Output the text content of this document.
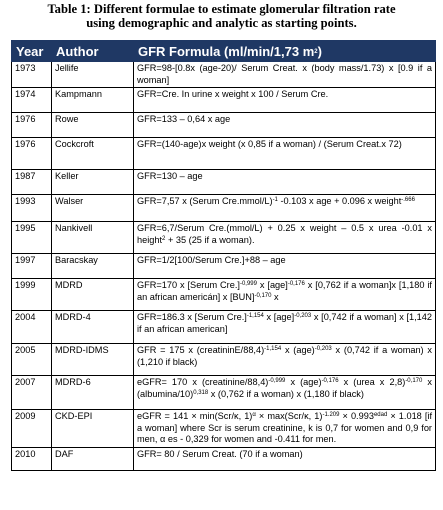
Table 1: Different formulae to estimate glomerular filtration rate
using demographic and analytic as starting points.
Year	Author	GFR Formula (ml/min/1,73 $m^2$)
1973	Jellife	GFR=98-[0.8x (age-20)/ Serum Creat. x (body mass/1.73) x [0.9 if a woman]
1974	Kampmann	GFR=Cre. In urine x weight x 100 / Serum Cre.
1976	Rowe	GFR=133 – 0,64 x age
1976	Cockcroft	GFR=(140-age)x weight (x 0,85 if a woman) / (Serum Creat.x 72)
1987	Keller	GFR=130 – age
1993	Walser	GFR=7,57 x (Serum Cre.mmol/L)$^{-1}$ -0.103 x age + 0.096 x weight$^{-.666}$
1995	Nankivell	GFR=6,7/Serum Cre.(mmol/L) + 0.25 x weight – 0.5 x urea -0.01 x height$^2$ + 35 (25 if a woman).
1997	Baracskay	GFR=1/2[100/Serum Cre.]+88 – age
1999	MDRD	GFR=170 x [Serum Cre.]$^{-0,999}$ x [age]$^{-0,176}$ x [0,762 if a woman]x [1,180 if an african americán] x [BUN]$^{-0,170}$ x
2004	MDRD-4	GFR=186.3 x [Serum Cre.]$^{-1,154}$ x [age]$^{-0,203}$ x [0,742 if a woman] x [1,142 if an african american]
2005	MDRD-IDMS	GFR = 175 x (creatininE/88,4)$^{-1,154}$ x (age)$^{-0,203}$ x (0,742 if a woman) x (1,210 if black)
2007	MDRD-6	eGFR= 170 x (creatinine/88,4)$^{-0,999}$ x (age)$^{-0,176}$ x (urea x 2,8)$^{-0,170}$ x (albumina/10)$^{0,318}$ x (0,762 if a woman) x (1,180 if black)
2009	CKD-EPI	eGFR = 141 × min(Scr/κ, 1)$^\alpha$ × max(Scr/κ, $1)^{-1.209} \times 0.993^{edad} \times 1.018$ [if a woman] where Scr is serum creatinine, k is 0,7 for women and 0,9 for men, α es - 0,329 for women and -0.411 for men.
2010	DAF	GFR= 80 / Serum Creat. (70 if a woman)
